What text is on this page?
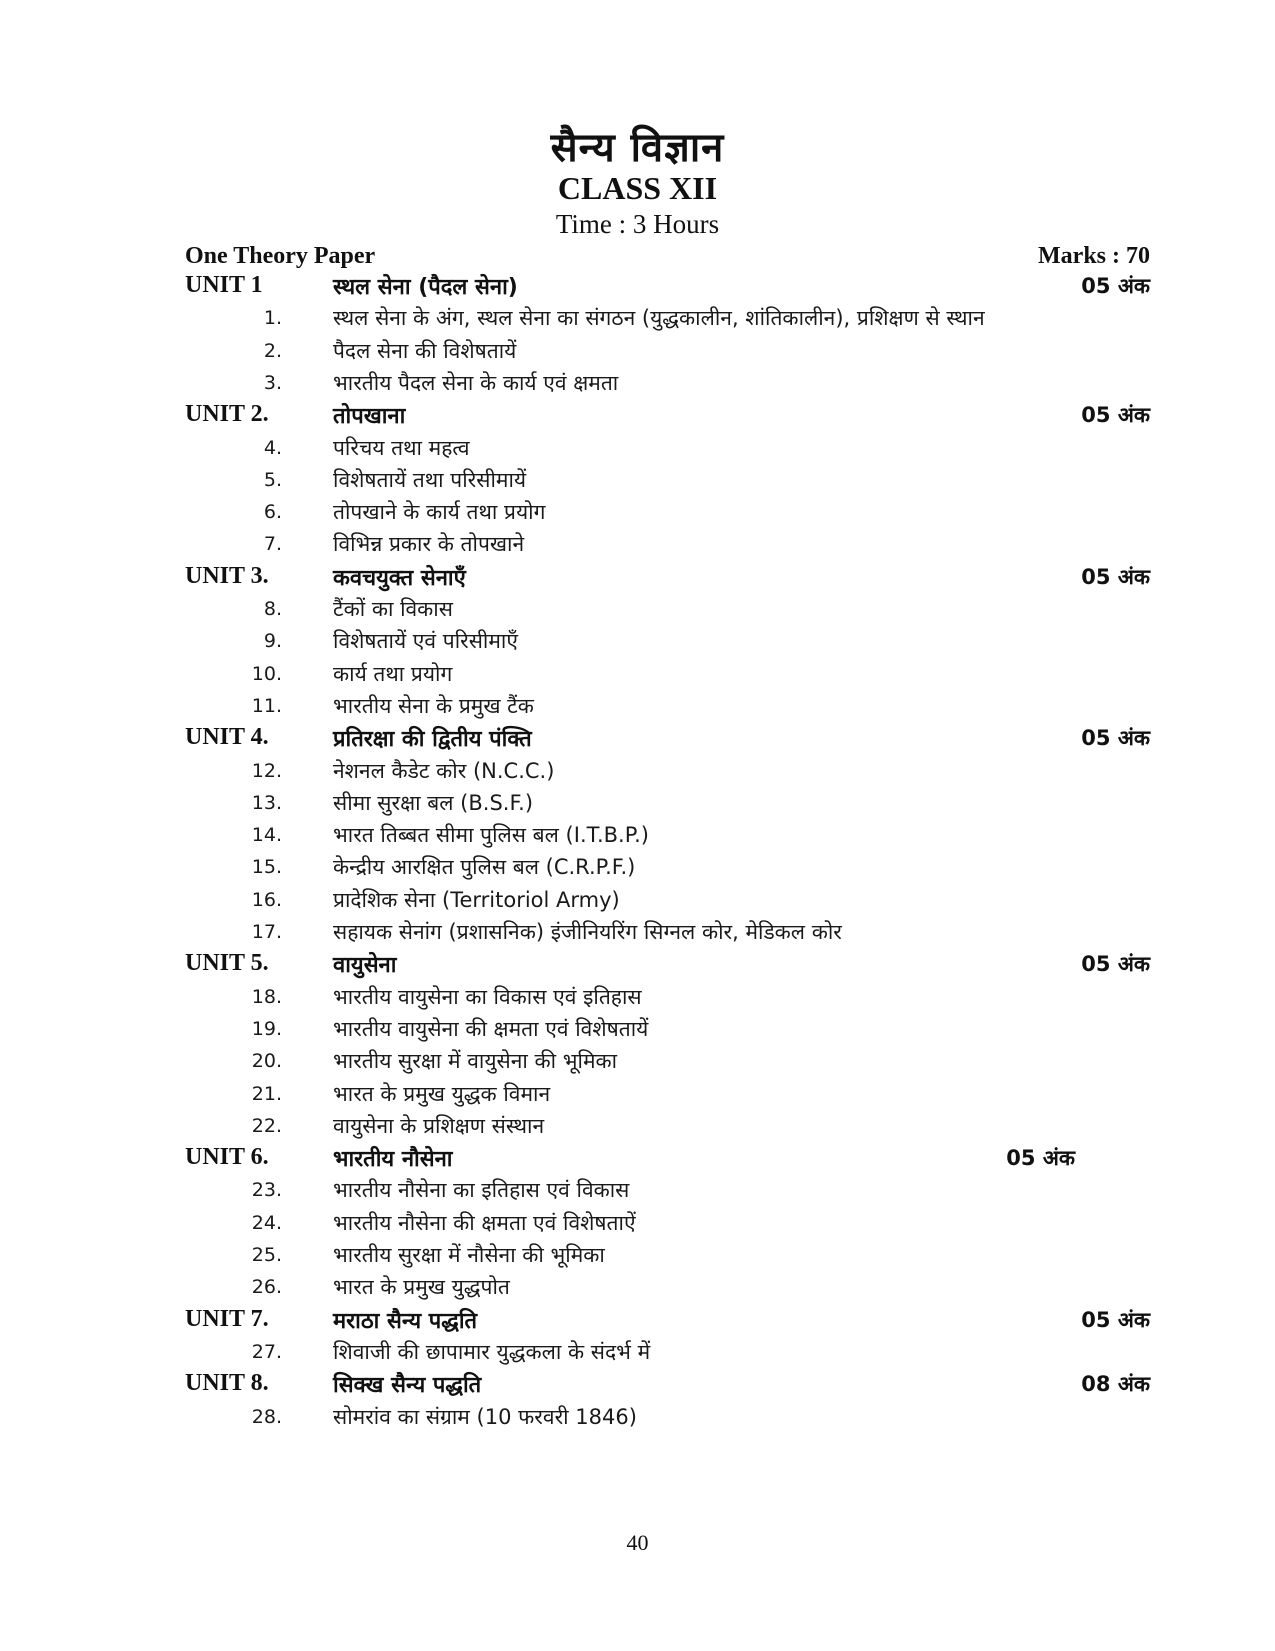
सैन्य विज्ञान
CLASS XII
Time : 3 Hours
One Theory Paper	Marks : 70
UNIT 1	स्थल सेना (पैदल सेना)	05 अंक
1. स्थल सेना के अंग, स्थल सेना का संगठन (युद्धकालीन, शांतिकालीन), प्रशिक्षण से स्थान
2. पैदल सेना की विशेषतायें
3. भारतीय पैदल सेना के कार्य एवं क्षमता
UNIT 2.	तोपखाना	05 अंक
4. परिचय तथा महत्व
5. विशेषतायें तथा परिसीमायें
6. तोपखाने के कार्य तथा प्रयोग
7. विभिन्न प्रकार के तोपखाने
UNIT 3.	कवचयुक्त सेनाएँ	05 अंक
8. टैंकों का विकास
9. विशेषतायें एवं परिसीमाएँ
10. कार्य तथा प्रयोग
11. भारतीय सेना के प्रमुख टैंक
UNIT 4.	प्रतिरक्षा की द्वितीय पंक्ति	05 अंक
12. नेशनल कैडेट कोर (N.C.C.)
13. सीमा सुरक्षा बल (B.S.F.)
14. भारत तिब्बत सीमा पुलिस बल (I.T.B.P.)
15. केन्द्रीय आरक्षित पुलिस बल (C.R.P.F.)
16. प्रादेशिक सेना (Territoriol Army)
17. सहायक सेनांग (प्रशासनिक) इंजीनियरिंग सिग्नल कोर, मेडिकल कोर
UNIT 5.	वायुसेना	05 अंक
18. भारतीय वायुसेना का विकास एवं इतिहास
19. भारतीय वायुसेना की क्षमता एवं विशेषतायें
20. भारतीय सुरक्षा में वायुसेना की भूमिका
21. भारत के प्रमुख युद्धक विमान
22. वायुसेना के प्रशिक्षण संस्थान
UNIT 6.	भारतीय नौसेना	05 अंक
23. भारतीय नौसेना का इतिहास एवं विकास
24. भारतीय नौसेना की क्षमता एवं विशेषताऐं
25. भारतीय सुरक्षा में नौसेना की भूमिका
26. भारत के प्रमुख युद्धपोत
UNIT 7.	मराठा सैन्य पद्धति	05 अंक
27. शिवाजी की छापामार युद्धकला के संदर्भ में
UNIT 8.	सिक्ख सैन्य पद्धति	08 अंक
28. सोमरांव का संग्राम (10 फरवरी 1846)
40
